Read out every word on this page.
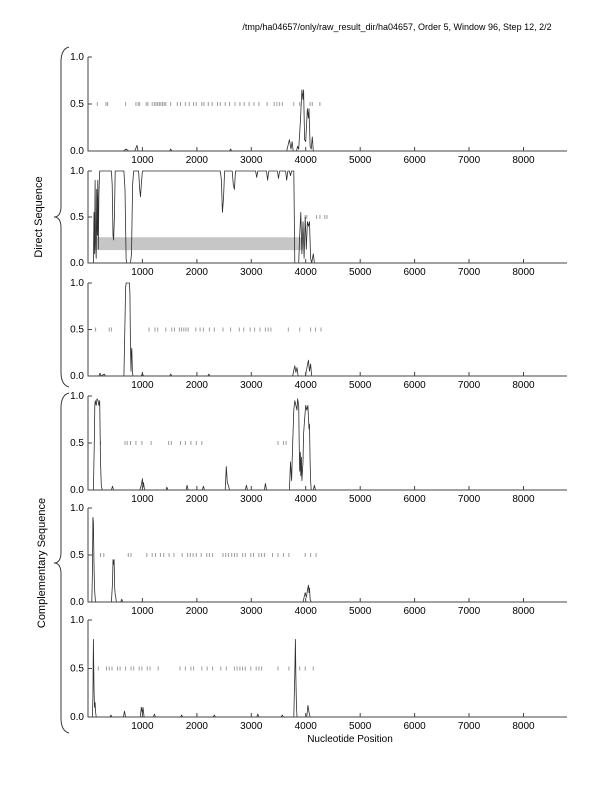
/tmp/ha04657/only/raw_result_dir/ha04657, Order 5, Window 96, Step 12, 2/2
Direct Sequence
Complementary Sequence
0.0
0.5
1.0
1000	2000	3000	4000	5000	6000	7000	8000
0.0
0.5
1.0
1000	2000	3000	4000	5000	6000	7000	8000
0.0
0.5
1.0
1000	2000	3000	4000	5000	6000	7000	8000
0.0
0.5
1.0
1000	2000	3000	4000	5000	6000	7000	8000
0.0
0.5
1.0
1000	2000	3000	4000	5000	6000	7000	8000
0.0
0.5
1.0
1000	2000	3000	4000	5000	6000	7000	8000
Nucleotide Position
